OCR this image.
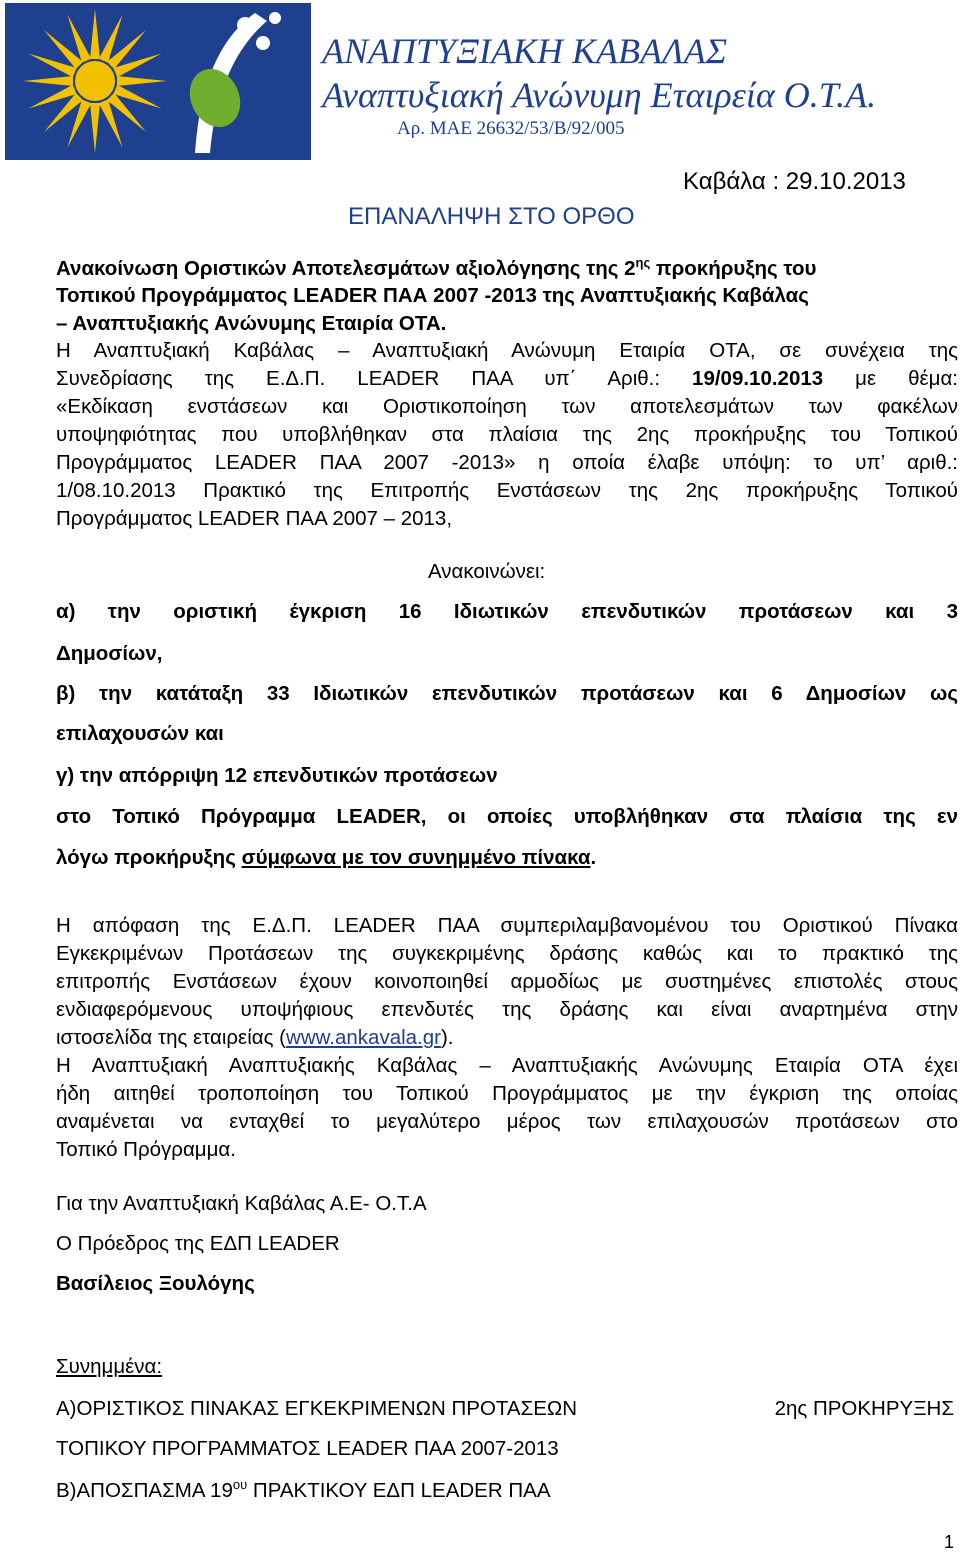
ΑΝΑΠΤΥΞΙΑΚΗ ΚΑΒΑΛΑΣ
Αναπτυξιακή Ανώνυμη Εταιρεία Ο.Τ.Α.
Αρ. ΜΑΕ 26632/53/Β/92/005
Καβάλα : 29.10.2013
ΕΠΑΝΑΛΗΨΗ ΣΤΟ ΟΡΘΟ
Ανακοίνωση Οριστικών Αποτελεσμάτων αξιολόγησης της $2^{\eta\varsigma}$ προκήρυξης του
Τοπικού Προγράμματος LEADER ΠΑΑ 2007 -2013 της Αναπτυξιακής Καβάλας
– Αναπτυξιακής Ανώνυμης Εταιρία ΟΤΑ.
Η Αναπτυξιακή Καβάλας – Αναπτυξιακή Ανώνυμη Εταιρία ΟΤΑ, σε συνέχεια της
Συνεδρίασης της Ε.Δ.Π. LEADER ΠΑΑ υπ΄ Αριθ.: 19/09.10.2013 με θέμα:
«Εκδίκαση ενστάσεων και Οριστικοποίηση των αποτελεσμάτων των φακέλων
υποψηφιότητας που υποβλήθηκαν στα πλαίσια της 2ης προκήρυξης του Τοπικού
Προγράμματος LEADER ΠΑΑ 2007 -2013» η οποία έλαβε υπόψη: το υπ’ αριθ.:
1/08.10.2013 Πρακτικό της Επιτροπής Ενστάσεων της 2ης προκήρυξης Τοπικού
Προγράμματος LEADER ΠΑΑ 2007 – 2013,
Ανακοινώνει:
α) την οριστική έγκριση 16 Ιδιωτικών επενδυτικών προτάσεων και 3
Δημοσίων,
β) την κατάταξη 33 Ιδιωτικών επενδυτικών προτάσεων και 6 Δημοσίων ως
επιλαχουσών και
γ) την απόρριψη 12 επενδυτικών προτάσεων
στο Τοπικό Πρόγραμμα LEADER, οι οποίες υποβλήθηκαν στα πλαίσια της εν
λόγω προκήρυξης σύμφωνα με τον συνημμένο πίνακα.
Η απόφαση της Ε.Δ.Π. LEADER ΠΑΑ συμπεριλαμβανομένου του Οριστικού Πίνακα
Εγκεκριμένων Προτάσεων της συγκεκριμένης δράσης καθώς και το πρακτικό της
επιτροπής Ενστάσεων έχουν κοινοποιηθεί αρμοδίως με συστημένες επιστολές στους
ενδιαφερόμενους υποψήφιους επενδυτές της δράσης και είναι αναρτημένα στην
ιστοσελίδα της εταιρείας (www.ankavala.gr).
Η Αναπτυξιακή Αναπτυξιακής Καβάλας – Αναπτυξιακής Ανώνυμης Εταιρία ΟΤΑ έχει
ήδη αιτηθεί τροποποίηση του Τοπικού Προγράμματος με την έγκριση της οποίας
αναμένεται να ενταχθεί το μεγαλύτερο μέρος των επιλαχουσών προτάσεων στο
Τοπικό Πρόγραμμα.
Για την Αναπτυξιακή Καβάλας Α.Ε- Ο.Τ.Α
Ο Πρόεδρος της ΕΔΠ LEADER
Βασίλειος Ξουλόγης
Συνημμένα:
Α)ΟΡΙΣΤΙΚΟΣ ΠΙΝΑΚΑΣ ΕΓΚΕΚΡΙΜΕΝΩΝ ΠΡΟΤΑΣΕΩΝ	2ης ΠΡΟΚΗΡΥΞΗΣ
ΤΟΠΙΚΟΥ ΠΡΟΓΡΑΜΜΑΤΟΣ LEADER ΠΑΑ 2007-2013
Β)ΑΠΟΣΠΑΣΜΑ $19^{o\upsilon}$ ΠΡΑΚΤΙΚΟΥ ΕΔΠ LEADER ΠΑΑ
1
